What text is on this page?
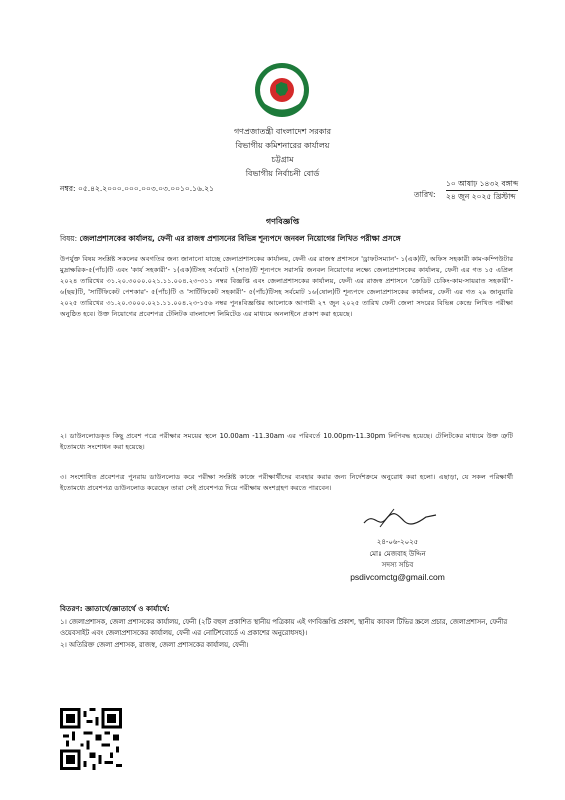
গণপ্রজাতন্ত্রী বাংলাদেশ সরকার
বিভাগীয় কমিশনারের কার্যালয়
চট্টগ্রাম
বিভাগীয় নির্বাচনী বোর্ড
নম্বর: ০৫.৪২.২০০০.০০০.০০৩.০৩.০০১০.১৬.২১
তারিখ:
১০ আষাঢ় ১৪৩২ বঙ্গাব্দ
২৪ জুন ২০২৫ খ্রিস্টাব্দ
গণবিজ্ঞপ্তি
বিষয়: জেলাপ্রশাসকের কার্যালয়, ফেনী এর রাজস্ব প্রশাসনের বিভিন্ন শূন্যপদে জনবল নিয়োগের লিখিত পরীক্ষা প্রসঙ্গে
উপর্যুক্ত বিষয় সংশ্লিষ্ট সকলের অবগতির জন্য জানানো যাচ্ছে জেলাপ্রশাসকের কার্যালয়, ফেনী এর রাজস্ব প্রশাসনে 'ড্রাফটসম্যান'- ১(এক)টি, অফিস সহকারী কাম-কম্পিউটার মুদ্রাক্ষরিক-৫(পাঁচ)টি এবং 'কার্য সহকারী'- ১(এক)টিসহ সর্বমোট ৭(সাত)টি শূন্যপদে সরাসরি জনবল নিয়োগের লক্ষ্যে জেলাপ্রশাসকের কার্যালয়, ফেনী এর গত ১৫ এপ্রিল ২০২৪ তারিখের ৩১.২০.৩০০০.০২১.১১.০০৪.২৩-৩১১ নম্বর বিজ্ঞপ্তি এবং জেলাপ্রশাসকের কার্যালয়, ফেনী এর রাজস্ব প্রশাসনে 'ক্রেডিট চেকিং-কাম-সায়রাত সহকারী'- ৬(ছয়)টি, 'সার্টিফিকেট পেশকার'- ৫(পাঁচ)টি ও 'সার্টিফিকেট সহকারী'- ৫(পাঁচ)টিসহ সর্বমোট ১৬(ষোল)টি শূন্যপদে জেলাপ্রশাসকের কার্যালয়, ফেনী এর গত ২৯ জানুয়ারি ২০২৫ তারিখের ৩১.২০.৩০০০.০২১.১১.০০৪.২৩-১৫৬ নম্বর পুনঃবিজ্ঞপ্তির আলোকে আগামী ২৭ জুন ২০২৫ তারিখ ফেনী জেলা সদরের বিভিন্ন কেন্দ্রে লিখিত পরীক্ষা অনুষ্ঠিত হবে। উক্ত নিয়োগের প্রবেশপত্র টেলিটক বাংলাদেশ লিমিটেড এর মাধ্যমে অনলাইনে প্রকাশ করা হয়েছে।
২। ডাউনলোডকৃত কিছু প্রবেশ পত্রে পরীক্ষার সময়ের স্থলে 10.00am -11.30am এর পরিবর্তে 10.00pm-11.30pm লিপিবদ্ধ হয়েছে। টেলিটকের মাধ্যমে উক্ত ত্রুটি ইতোমধ্যে সংশোধন করা হয়েছে।
৩। সংশোধিত প্রবেশপত্র পুনরায় ডাউনলোড করে পরীক্ষা সংশ্লিষ্ট কাজে পরীক্ষার্থীদের ব্যবহার করার জন্য নির্দেশক্রমে অনুরোধ করা হলো। এছাড়া, যে সকল পরিক্ষার্থী ইতোমধ্যে প্রবেশপত্র ডাউনলোড করেছেন তারা সেই প্রবেশপত্র দিয়ে পরীক্ষায় অংশগ্রহণ করতে পারবেন।
২৪-০৬-২০২৫
মোঃ মেজবাহ উদ্দিন
সদস্য সচিব
psdivcomctg@gmail.com
বিতরণ: জ্ঞাতার্থে/জ্ঞাতার্থে ও কার্যার্থে:
১। জেলাপ্রশাসক, জেলা প্রশাসকের কার্যালয়, ফেনী (২টি বহুল প্রকাশিত স্থানীয় পত্রিকায় এই গণবিজ্ঞপ্তি প্রকাশ, স্থানীয় ক্যাবল টিভির স্ক্রলে প্রচার, জেলাপ্রশাসন, ফেনীর ওয়েবসাইট এবং জেলাপ্রশাসকের কার্যালয়, ফেনী এর নোটিশবোর্ডে এ প্রকাশের অনুরোধসহ)।
২। অতিরিক্ত জেলা প্রশাসক, রাজস্ব, জেলা প্রশাসকের কার্যালয়, ফেনী।
